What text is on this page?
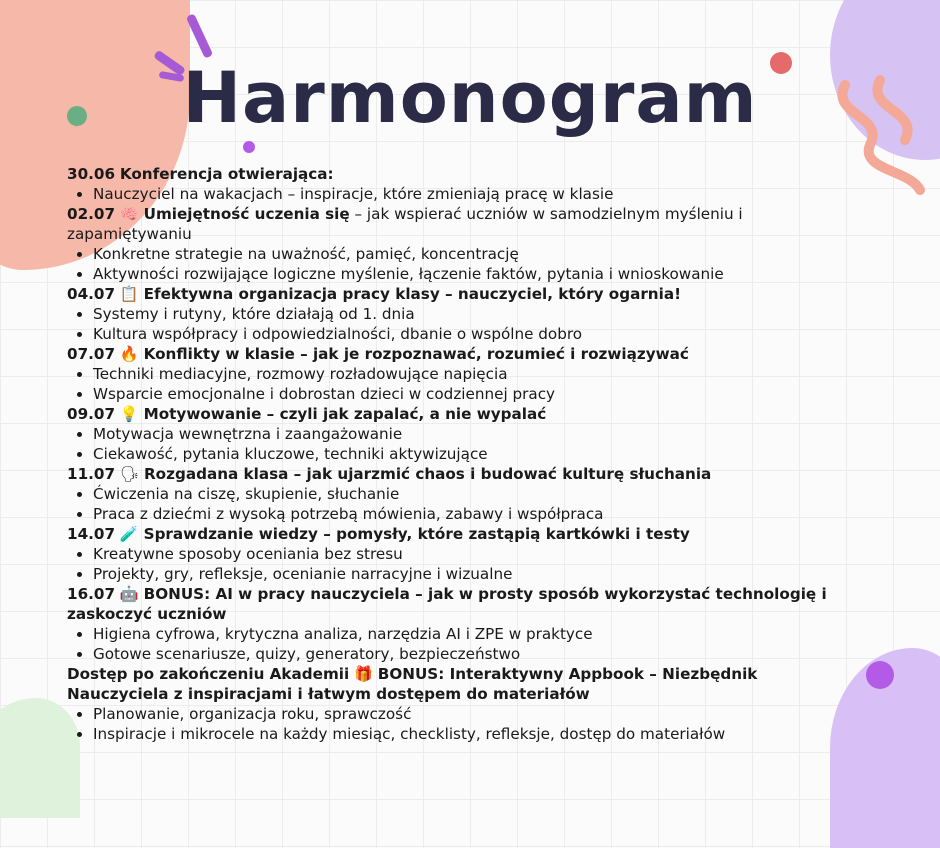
Harmonogram

30.06 Konferencja otwierająca:

• Nauczyciel na wakacjach – inspiracje, które zmieniają pracę w klasie

02.07 🧠 Umiejętność uczenia się – jak wspierać uczniów w samodzielnym myśleniu i zapamiętywaniu

• Konkretne strategie na uważność, pamięć, koncentrację
• Aktywności rozwijające logiczne myślenie, łączenie faktów, pytania i wnioskowanie

04.07 📋 Efektywna organizacja pracy klasy – nauczyciel, który ogarnia!

• Systemy i rutyny, które działają od 1. dnia
• Kultura współpracy i odpowiedzialności, dbanie o wspólne dobro

07.07 🔥 Konflikty w klasie – jak je rozpoznawać, rozumieć i rozwiązywać

• Techniki mediacyjne, rozmowy rozładowujące napięcia
• Wsparcie emocjonalne i dobrostan dzieci w codziennej pracy

09.07 💡 Motywowanie – czyli jak zapalać, a nie wypalać

• Motywacja wewnętrzna i zaangażowanie
• Ciekawość, pytania kluczowe, techniki aktywizujące

11.07 🗣 Rozgadana klasa – jak ujarzmić chaos i budować kulturę słuchania

• Ćwiczenia na ciszę, skupienie, słuchanie
• Praca z dziećmi z wysoką potrzebą mówienia, zabawy i współpraca

14.07 🧪 Sprawdzanie wiedzy – pomysły, które zastąpią kartkówki i testy

• Kreatywne sposoby oceniania bez stresu
• Projekty, gry, refleksje, ocenianie narracyjne i wizualne

16.07 🤖 BONUS: AI w pracy nauczyciela – jak w prosty sposób wykorzystać technologię i zaskoczyć uczniów

• Higiena cyfrowa, krytyczna analiza, narzędzia AI i ZPE w praktyce
• Gotowe scenariusze, quizy, generatory, bezpieczeństwo

Dostęp po zakończeniu Akademii 🎁 BONUS: Interaktywny Appbook – Niezbędnik Nauczyciela z inspiracjami i łatwym dostępem do materiałów

• Planowanie, organizacja roku, sprawczość
• Inspiracje i mikrocele na każdy miesiąc, checklisty, refleksje, dostęp do materiałów
